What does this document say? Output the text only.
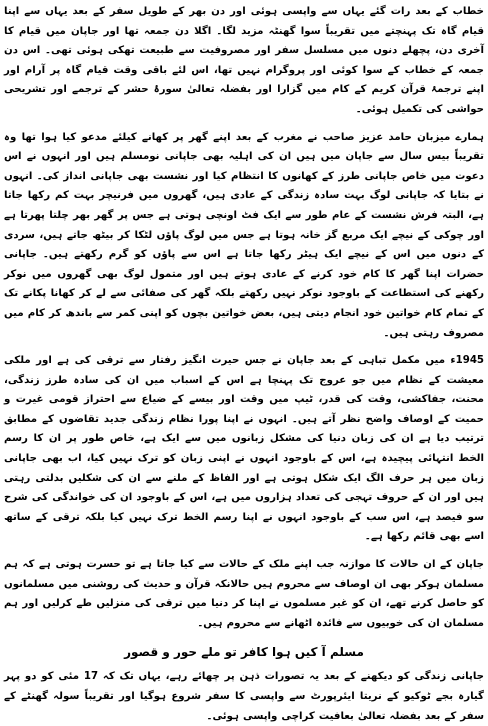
خطاب کے بعد رات گئے یہاں سے واپسی ہوئی اور دن بھر کے طویل سفر کے بعد یہاں سے اپنا قیام گاہ تک پہنچتے میں تقریباً سوا گھنٹہ مزید لگا۔ اگلا دن جمعہ تھا اور جاپان میں قیام کا آخری دن، پچھلے دنوں میں مسلسل سفر اور مصروفیت سے طبیعت تھکی ہوئی تھی۔ اس دن جمعہ کے خطاب کے سوا کوئی اور پروگرام نہیں تھا، اس لئے باقی وقت قیام گاہ پر آرام اور اپنے ترجمۂ قرآن کریم کے کام میں گزارا اور بفضلہ تعالیٰ سورۂ حشر کے ترجمے اور تشریحی حواشی کی تکمیل ہوئی۔

ہمارے میزبان حامد عزیز صاحب نے مغرب کے بعد اپنے گھر پر کھانے کیلئے مدعو کیا ہوا تھا وہ تقریباً بیس سال سے جاپان میں ہیں ان کی اہلیہ بھی جاپانی نومسلم ہیں اور انہوں نے اس دعوت میں خاص جاپانی طرز کے کھانوں کا انتظام کیا اور نشست بھی جاپانی انداز کی۔ انہوں نے بتایا کہ جاپانی لوگ بہت سادہ زندگی کے عادی ہیں، گھروں میں فرنیچر بہت کم رکھا جاتا ہے، البتہ فرش نشست کے عام طور سے ایک فٹ اونچی ہوتی ہے جس پر گھر بھر چلتا پھرتا ہے اور چوکی کے نیچے ایک مربع گز خانہ ہوتا ہے جس میں لوگ پاؤں لٹکا کر بیٹھ جاتے ہیں، سردی کے دنوں میں اس کے نیچے ایک ہیٹر رکھا جاتا ہے اس سے پاؤں کو گرم رکھتے ہیں۔ جاپانی حضرات اپنا گھر کا کام خود کرنے کے عادی ہوتے ہیں اور متمول لوگ بھی گھروں میں نوکر رکھنے کی استطاعت کے باوجود نوکر نہیں رکھتے بلکہ گھر کی صفائی سے لے کر کھانا پکانے تک کے تمام کام خواتین خود انجام دیتی ہیں، بعض خواتین بچوں کو اپنی کمر سے باندھ کر کام میں مصروف رہتی ہیں۔

1945ء میں مکمل تباہی کے بعد جاپان نے جس حیرت انگیز رفتار سے ترقی کی ہے اور ملکی معیشت کے نظام میں جو عروج تک پہنچا ہے اس کے اسباب میں ان کی سادہ طرز زندگی، محنت، جفاکشی، وقت کی قدر، ٹیپ میں وقت اور بیسے کے ضیاع سے احتراز قومی غیرت و حمیت کے اوصاف واضح نظر آتے ہیں۔ انہوں نے اپنا پورا نظام زندگی جدید تقاضوں کے مطابق ترتیب دیا ہے ان کی زبان دنیا کی مشکل زبانوں میں سے ایک ہے، خاص طور پر ان کا رسم الخط انتہائی پیچیدہ ہے، اس کے باوجود انہوں نے اپنی زبان کو ترک نہیں کیا، اب بھی جاپانی زبان میں ہر حرف الگ ایک شکل ہوتی ہے اور الفاظ کے ملنے سے ان کی شکلیں بدلتی رہتی ہیں اور ان کے حروف تہجی کی تعداد ہزاروں میں ہے، اس کے باوجود ان کی خواندگی کی شرح سو فیصد ہے، اس سب کے باوجود انہوں نے اپنا رسم الخط ترک نہیں کیا بلکہ ترقی کے ساتھ اسے بھی قائم رکھا ہے۔

جاپان کے ان حالات کا موازنہ جب اپنے ملک کے حالات سے کیا جاتا ہے تو حسرت ہوتی ہے کہ ہم مسلمان ہوکر بھی ان اوصاف سے محروم ہیں حالانکہ قرآن و حدیث کی روشنی میں مسلمانوں کو حاصل کرنے تھے، ان کو غیر مسلموں نے اپنا کر دنیا میں ترقی کی منزلیں طے کرلیں اور ہم مسلمان ان کی خوبیوں سے فائدہ اٹھانے سے محروم ہیں۔

مسلم آ کیں ہوا کافر تو ملے حور و قصور

جاپانی زندگی کو دیکھنے کے بعد یہ تصورات ذہن پر چھائے رہے، یہاں تک کہ 17 مئی کو دو پہر گیارہ بجے ٹوکیو کے نریتا ایئرپورٹ سے واپسی کا سفر شروع ہوگیا اور تقریباً سولہ گھنٹے کے سفر کے بعد بفضلہ تعالیٰ بعافیت کراچی واپسی ہوئی۔
